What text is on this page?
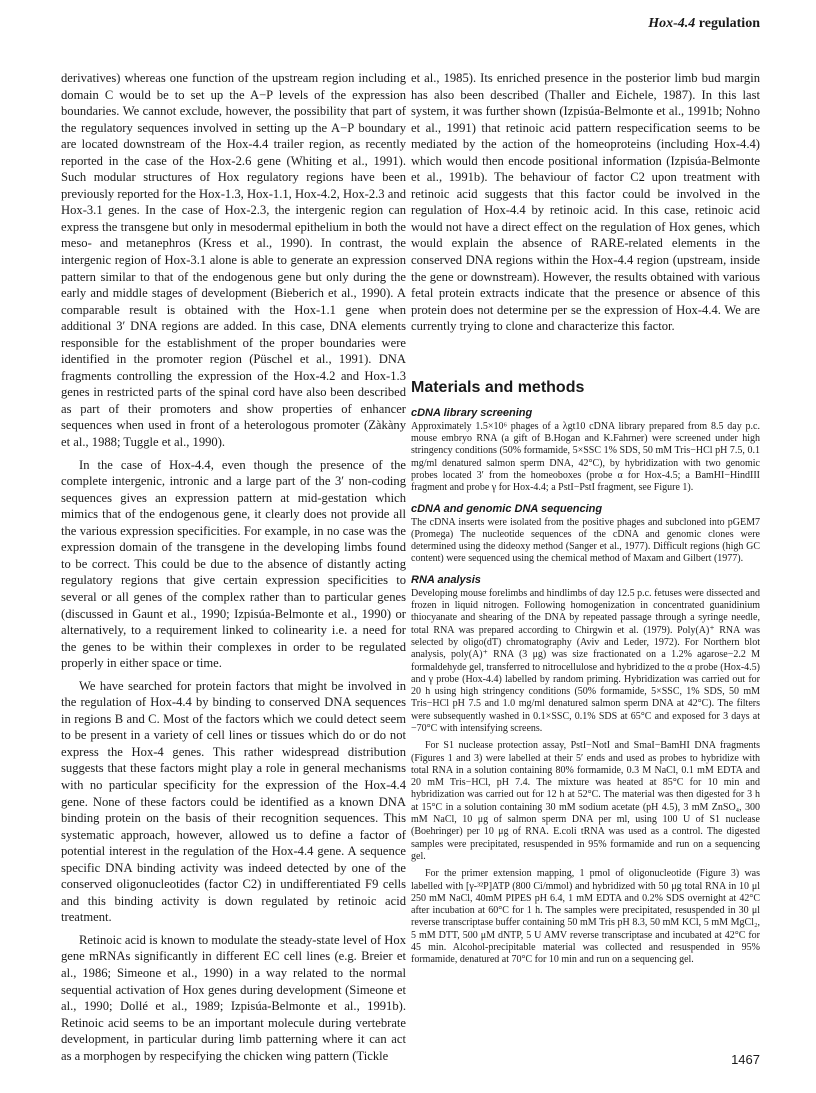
Hox-4.4 regulation

derivatives) whereas one function of the upstream region including domain C would be to set up the A−P levels of the expression boundaries. We cannot exclude, however, the possibility that part of the regulatory sequences involved in setting up the A−P boundary are located downstream of the Hox-4.4 trailer region, as recently reported in the case of the Hox-2.6 gene (Whiting et al., 1991). Such modular structures of Hox regulatory regions have been previously reported for the Hox-1.3, Hox-1.1, Hox-4.2, Hox-2.3 and Hox-3.1 genes. In the case of Hox-2.3, the intergenic region can express the transgene but only in mesodermal epithelium in both the meso- and metanephros (Kress et al., 1990). In contrast, the intergenic region of Hox-3.1 alone is able to generate an expression pattern similar to that of the endogenous gene but only during the early and middle stages of development (Bieberich et al., 1990). A comparable result is obtained with the Hox-1.1 gene when additional 3′ DNA regions are added. In this case, DNA elements responsible for the establishment of the proper boundaries were identified in the promoter region (Püschel et al., 1991). DNA fragments controlling the expression of the Hox-4.2 and Hox-1.3 genes in restricted parts of the spinal cord have also been described as part of their promoters and show properties of enhancer sequences when used in front of a heterologous promoter (Zàkàny et al., 1988; Tuggle et al., 1990).

In the case of Hox-4.4, even though the presence of the complete intergenic, intronic and a large part of the 3′ non-coding sequences gives an expression pattern at mid-gestation which mimics that of the endogenous gene, it clearly does not provide all the various expression specificities. For example, in no case was the expression domain of the transgene in the developing limbs found to be correct. This could be due to the absence of distantly acting regulatory regions that give certain expression specificities to several or all genes of the complex rather than to particular genes (discussed in Gaunt et al., 1990; Izpisúa-Belmonte et al., 1990) or alternatively, to a requirement linked to colinearity i.e. a need for the genes to be within their complexes in order to be regulated properly in either space or time.

We have searched for protein factors that might be involved in the regulation of Hox-4.4 by binding to conserved DNA sequences in regions B and C. Most of the factors which we could detect seem to be present in a variety of cell lines or tissues which do or do not express the Hox-4 genes. This rather widespread distribution suggests that these factors might play a role in general mechanisms with no particular specificity for the expression of the Hox-4.4 gene. None of these factors could be identified as a known DNA binding protein on the basis of their recognition sequences. This systematic approach, however, allowed us to define a factor of potential interest in the regulation of the Hox-4.4 gene. A sequence specific DNA binding activity was indeed detected by one of the conserved oligonucleotides (factor C2) in undifferentiated F9 cells and this binding activity is down regulated by retinoic acid treatment.

Retinoic acid is known to modulate the steady-state level of Hox gene mRNAs significantly in different EC cell lines (e.g. Breier et al., 1986; Simeone et al., 1990) in a way related to the normal sequential activation of Hox genes during development (Simeone et al., 1990; Dollé et al., 1989; Izpisúa-Belmonte et al., 1991b). Retinoic acid seems to be an important molecule during vertebrate development, in particular during limb patterning where it can act as a morphogen by respecifying the chicken wing pattern (Tickle

et al., 1985). Its enriched presence in the posterior limb bud margin has also been described (Thaller and Eichele, 1987). In this last system, it was further shown (Izpisúa-Belmonte et al., 1991b; Nohno et al., 1991) that retinoic acid pattern respecification seems to be mediated by the action of the homeoproteins (including Hox-4.4) which would then encode positional information (Izpisúa-Belmonte et al., 1991b). The behaviour of factor C2 upon treatment with retinoic acid suggests that this factor could be involved in the regulation of Hox-4.4 by retinoic acid. In this case, retinoic acid would not have a direct effect on the regulation of Hox genes, which would explain the absence of RARE-related elements in the conserved DNA regions within the Hox-4.4 region (upstream, inside the gene or downstream). However, the results obtained with various fetal protein extracts indicate that the presence or absence of this protein does not determine per se the expression of Hox-4.4. We are currently trying to clone and characterize this factor.

Materials and methods
cDNA library screening

Approximately 1.5×10⁶ phages of a λgt10 cDNA library prepared from 8.5 day p.c. mouse embryo RNA (a gift of B.Hogan and K.Fahrner) were screened under high stringency conditions (50% formamide, 5×SSC 1% SDS, 50 mM Tris−HCl pH 7.5, 0.1 mg/ml denatured salmon sperm DNA, 42°C), by hybridization with two genomic probes located 3′ from the homeoboxes (probe α for Hox-4.5; a BamHI−HindIII fragment and probe γ for Hox-4.4; a PstI−PstI fragment, see Figure 1).

cDNA and genomic DNA sequencing

The cDNA inserts were isolated from the positive phages and subcloned into pGEM7 (Promega) The nucleotide sequences of the cDNA and genomic clones were determined using the dideoxy method (Sanger et al., 1977). Difficult regions (high GC content) were sequenced using the chemical method of Maxam and Gilbert (1977).

RNA analysis

Developing mouse forelimbs and hindlimbs of day 12.5 p.c. fetuses were dissected and frozen in liquid nitrogen. Following homogenization in concentrated guanidinium thiocyanate and shearing of the DNA by repeated passage through a syringe needle, total RNA was prepared according to Chirgwin et al. (1979). Poly(A)⁺ RNA was selected by oligo(dT) chromatography (Aviv and Leder, 1972). For Northern blot analysis, poly(A)⁺ RNA (3 μg) was size fractionated on a 1.2% agarose−2.2 M formaldehyde gel, transferred to nitrocellulose and hybridized to the α probe (Hox-4.5) and γ probe (Hox-4.4) labelled by random priming. Hybridization was carried out for 20 h using high stringency conditions (50% formamide, 5×SSC, 1% SDS, 50 mM Tris−HCl pH 7.5 and 1.0 mg/ml denatured salmon sperm DNA at 42°C). The filters were subsequently washed in 0.1×SSC, 0.1% SDS at 65°C and exposed for 3 days at −70°C with intensifying screens.

For S1 nuclease protection assay, PstI−NotI and SmaI−BamHI DNA fragments (Figures 1 and 3) were labelled at their 5′ ends and used as probes to hybridize with total RNA in a solution containing 80% formamide, 0.3 M NaCl, 0.1 mM EDTA and 20 mM Tris−HCl, pH 7.4. The mixture was heated at 85°C for 10 min and hybridization was carried out for 12 h at 52°C. The material was then digested for 3 h at 15°C in a solution containing 30 mM sodium acetate (pH 4.5), 3 mM ZnSO₄, 300 mM NaCl, 10 μg of salmon sperm DNA per ml, using 100 U of S1 nuclease (Boehringer) per 10 μg of RNA. E.coli tRNA was used as a control. The digested samples were precipitated, resuspended in 95% formamide and run on a sequencing gel.

For the primer extension mapping, 1 pmol of oligonucleotide (Figure 3) was labelled with [γ-³²P]ATP (800 Ci/mmol) and hybridized with 50 μg total RNA in 10 μl 250 mM NaCl, 40mM PIPES pH 6.4, 1 mM EDTA and 0.2% SDS overnight at 42°C after incubation at 60°C for 1 h. The samples were precipitated, resuspended in 30 μl reverse transcriptase buffer containing 50 mM Tris pH 8.3, 50 mM KCl, 5 mM MgCl₂, 5 mM DTT, 500 μM dNTP, 5 U AMV reverse transcriptase and incubated at 42°C for 45 min. Alcohol-precipitable material was collected and resuspended in 95% formamide, denatured at 70°C for 10 min and run on a sequencing gel.

1467
